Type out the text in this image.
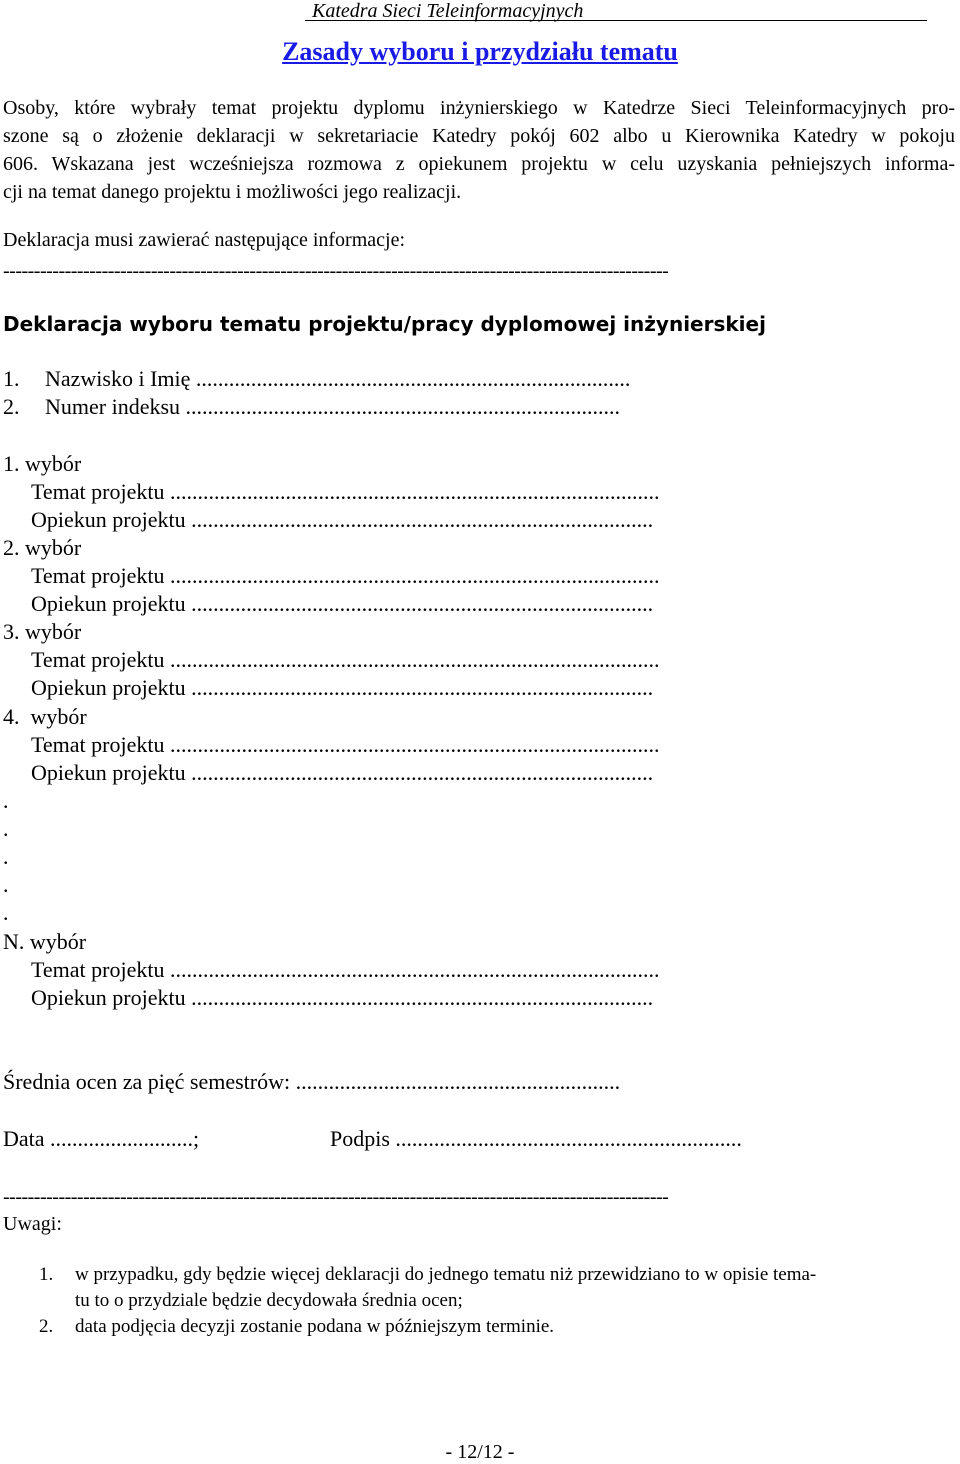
Katedra Sieci Teleinformacyjnych
Zasady wyboru i przydziału tematu
Osoby, które wybrały temat projektu dyplomu inżynierskiego w Katedrze Sieci Teleinformacyjnych pro-
szone są o złożenie deklaracji w sekretariacie Katedry pokój 602 albo u Kierownika Katedry w pokoju
606. Wskazana jest wcześniejsza rozmowa z opiekunem projektu w celu uzyskania pełniejszych informa-
cji na temat danego projektu i możliwości jego realizacji.
Deklaracja musi zawierać następujące informacje:
------------------------------------------------------------------------------------------------------------
Deklaracja wyboru tematu projektu/pracy dyplomowej inżynierskiej
1. Nazwisko i Imię ...............................................................................
2. Numer indeksu ...............................................................................
1. wybór
Temat projektu .........................................................................................
Opiekun projektu ....................................................................................
2. wybór
Temat projektu .........................................................................................
Opiekun projektu ....................................................................................
3. wybór
Temat projektu .........................................................................................
Opiekun projektu ....................................................................................
4.  wybór
Temat projektu .........................................................................................
Opiekun projektu ....................................................................................
.
.
.
.
.
N. wybór
Temat projektu .........................................................................................
Opiekun projektu ....................................................................................
Średnia ocen za pięć semestrów: ...........................................................
Data ..........................;	Podpis ...............................................................
------------------------------------------------------------------------------------------------------------
Uwagi:
1. w przypadku, gdy będzie więcej deklaracji do jednego tematu niż przewidziano to w opisie tema-
tu to o przydziale będzie decydowała średnia ocen;
2. data podjęcia decyzji zostanie podana w późniejszym terminie.
- 12/12 -
